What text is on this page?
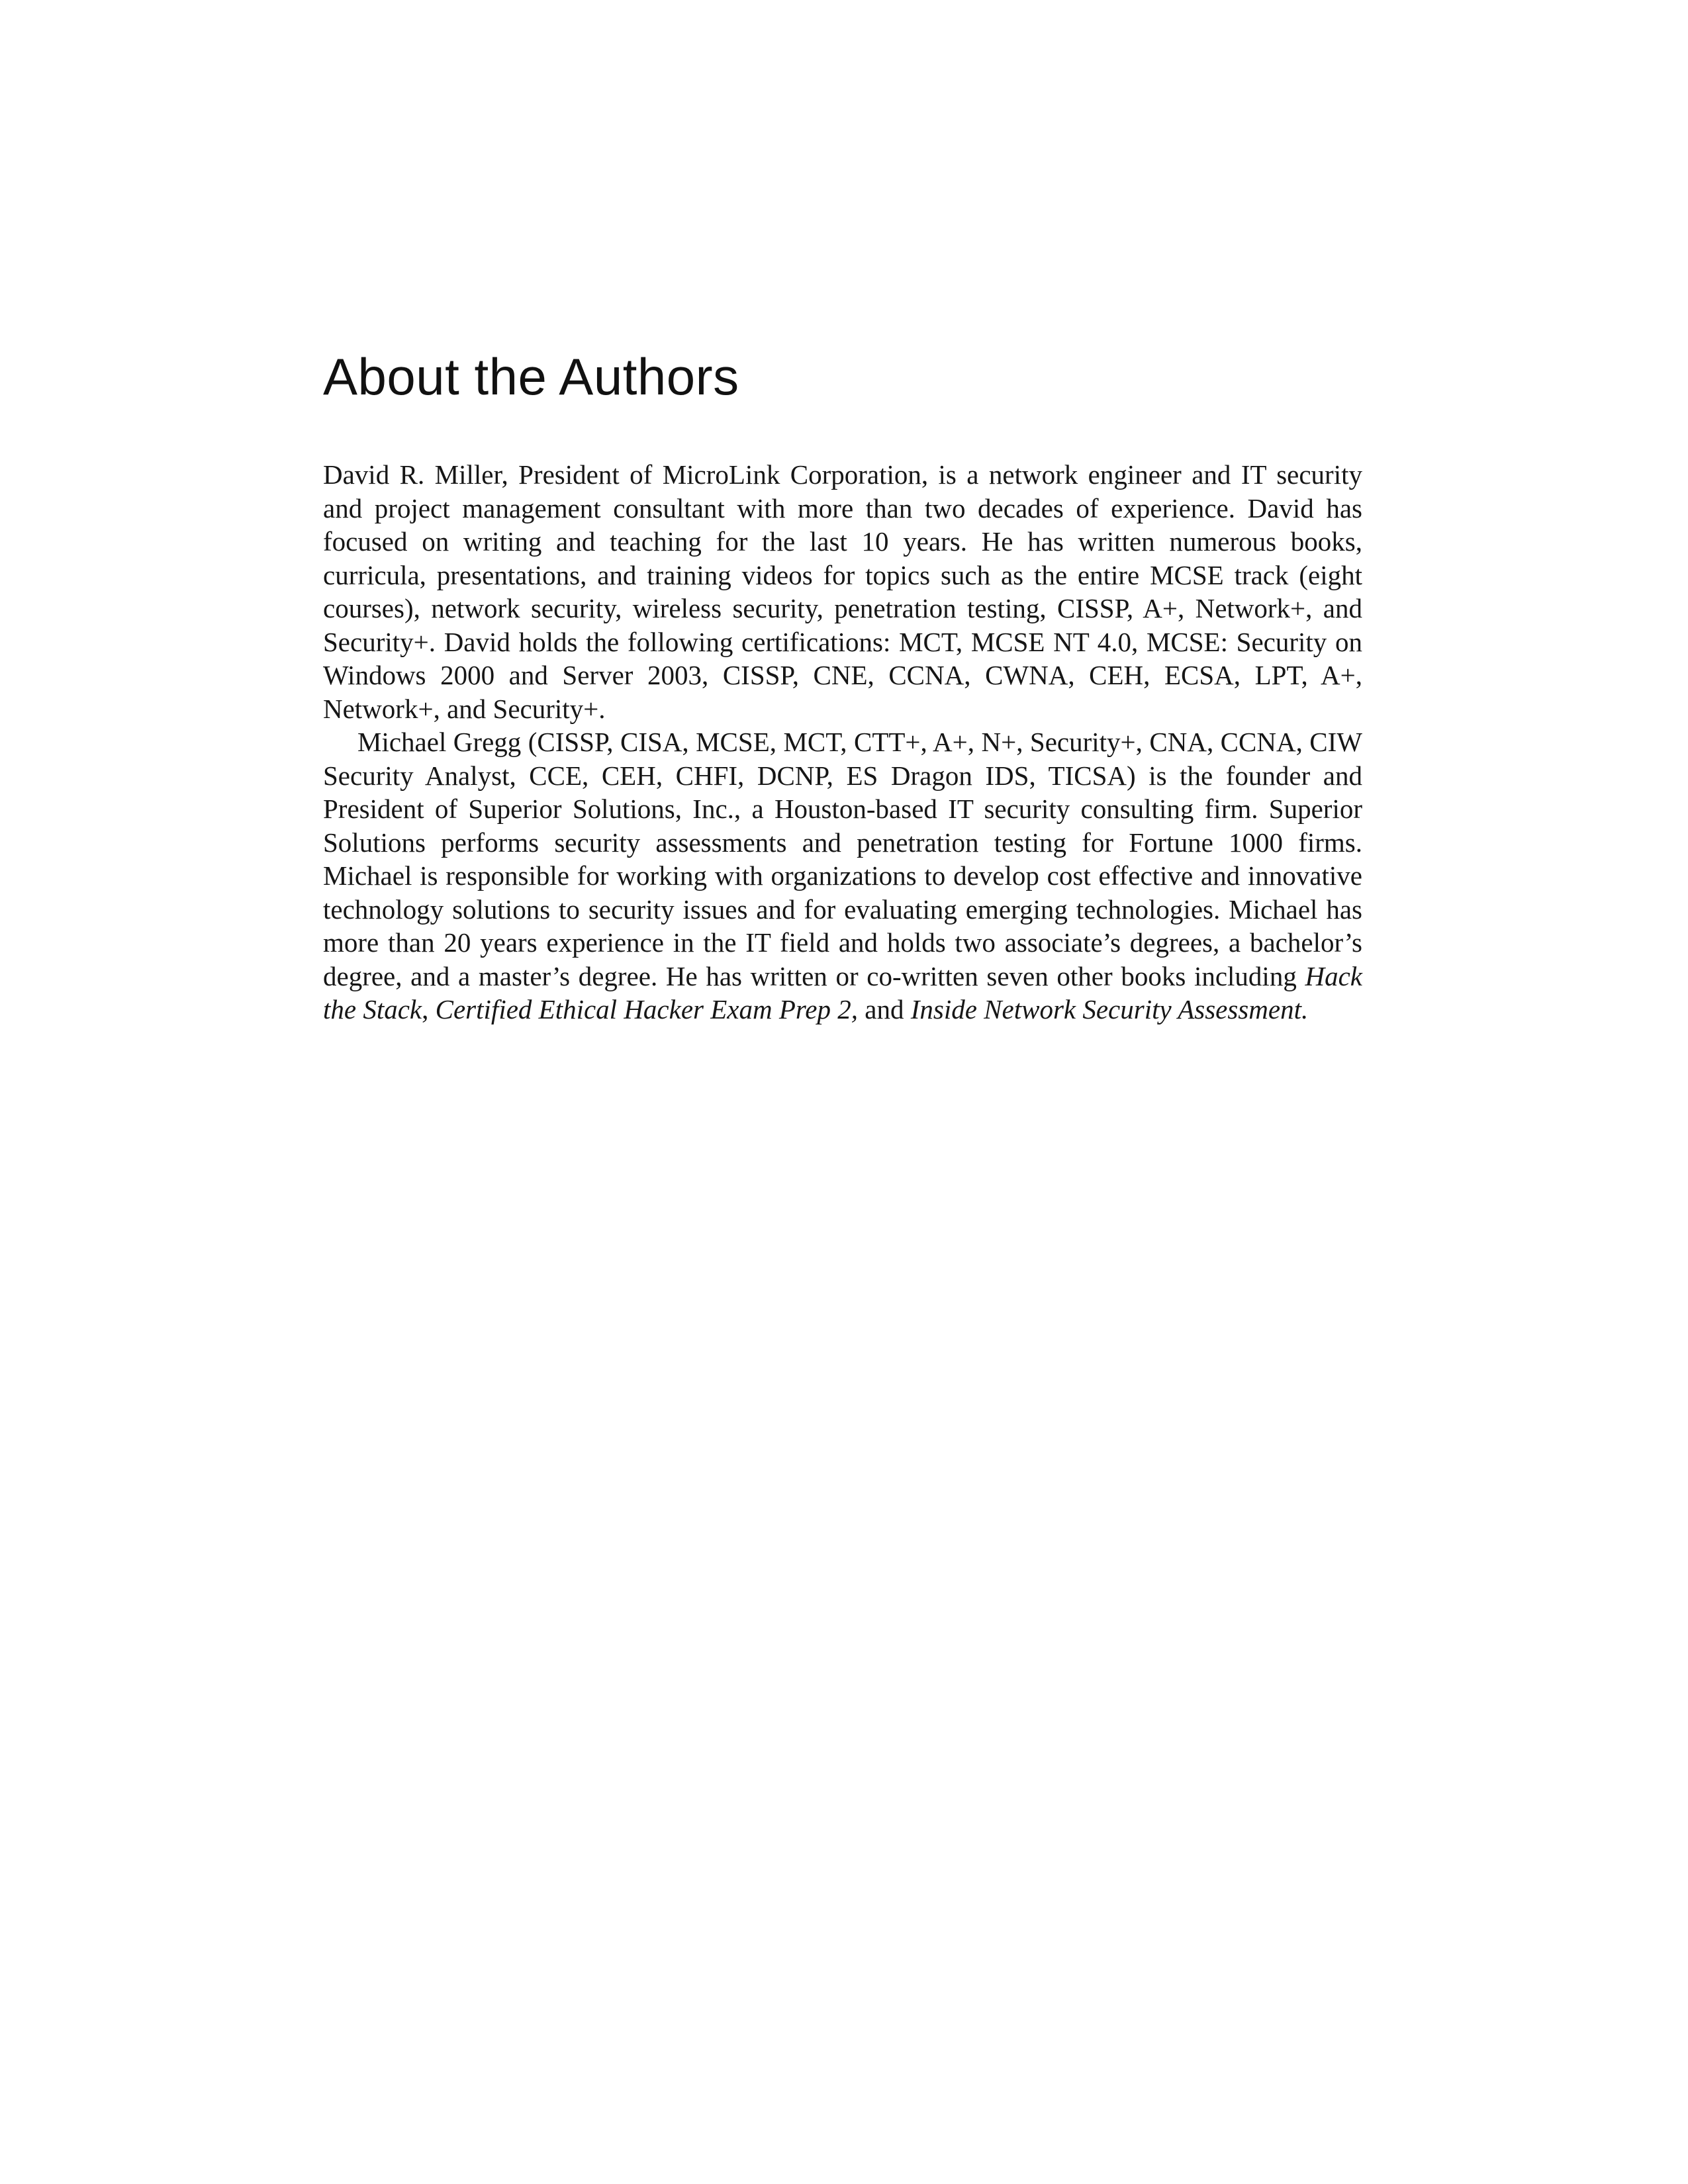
About the Authors

David R. Miller, President of MicroLink Corporation, is a network engineer and IT security and project management consultant with more than two decades of experience. David has focused on writing and teaching for the last 10 years. He has written numerous books, curricula, presentations, and training videos for topics such as the entire MCSE track (eight courses), network security, wireless security, penetration testing, CISSP, A+, Network+, and Security+. David holds the following certifications: MCT, MCSE NT 4.0, MCSE: Security on Windows 2000 and Server 2003, CISSP, CNE, CCNA, CWNA, CEH, ECSA, LPT, A+, Network+, and Security+.

Michael Gregg (CISSP, CISA, MCSE, MCT, CTT+, A+, N+, Security+, CNA, CCNA, CIW Security Analyst, CCE, CEH, CHFI, DCNP, ES Dragon IDS, TICSA) is the founder and President of Superior Solutions, Inc., a Houston-based IT security consulting firm. Superior Solutions performs security assessments and penetration testing for Fortune 1000 firms. Michael is responsible for working with organizations to develop cost effective and innovative technology solutions to security issues and for evaluating emerging technologies. Michael has more than 20 years experience in the IT field and holds two associate’s degrees, a bachelor’s degree, and a master’s degree. He has written or co-written seven other books including Hack the Stack, Certified Ethical Hacker Exam Prep 2, and Inside Network Security Assessment.
